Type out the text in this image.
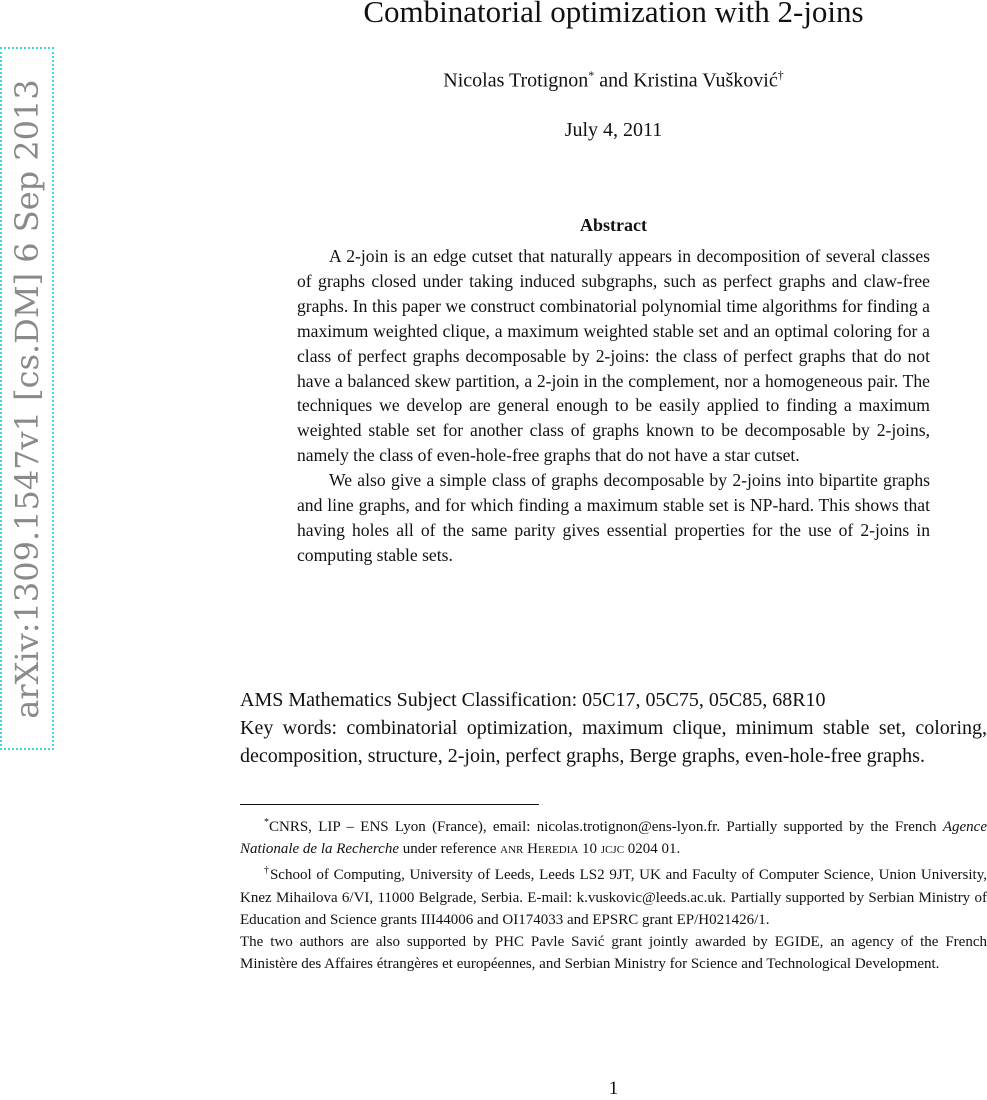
arXiv:1309.1547v1 [cs.DM] 6 Sep 2013
Combinatorial optimization with 2-joins
Nicolas Trotignon* and Kristina Vušković†
July 4, 2011
Abstract

A 2-join is an edge cutset that naturally appears in decomposition of several classes of graphs closed under taking induced subgraphs, such as perfect graphs and claw-free graphs. In this paper we construct combinatorial polynomial time algorithms for finding a maximum weighted clique, a maximum weighted stable set and an optimal coloring for a class of perfect graphs decomposable by 2-joins: the class of perfect graphs that do not have a balanced skew partition, a 2-join in the complement, nor a homogeneous pair. The techniques we develop are general enough to be easily applied to finding a maximum weighted stable set for another class of graphs known to be decomposable by 2-joins, namely the class of even-hole-free graphs that do not have a star cutset.

We also give a simple class of graphs decomposable by 2-joins into bipartite graphs and line graphs, and for which finding a maximum stable set is NP-hard. This shows that having holes all of the same parity gives essential properties for the use of 2-joins in computing stable sets.

AMS Mathematics Subject Classification: 05C17, 05C75, 05C85, 68R10

Key words: combinatorial optimization, maximum clique, minimum stable set, coloring, decomposition, structure, 2-join, perfect graphs, Berge graphs, even-hole-free graphs.

*CNRS, LIP – ENS Lyon (France), email: nicolas.trotignon@ens-lyon.fr. Partially supported by the French Agence Nationale de la Recherche under reference anr Heredia 10 jcjc 0204 01.

†School of Computing, University of Leeds, Leeds LS2 9JT, UK and Faculty of Computer Science, Union University, Knez Mihailova 6/VI, 11000 Belgrade, Serbia. E-mail: k.vuskovic@leeds.ac.uk. Partially supported by Serbian Ministry of Education and Science grants III44006 and OI174033 and EPSRC grant EP/H021426/1.

The two authors are also supported by PHC Pavle Savić grant jointly awarded by EGIDE, an agency of the French Ministère des Affaires étrangères et européennes, and Serbian Ministry for Science and Technological Development.

1
